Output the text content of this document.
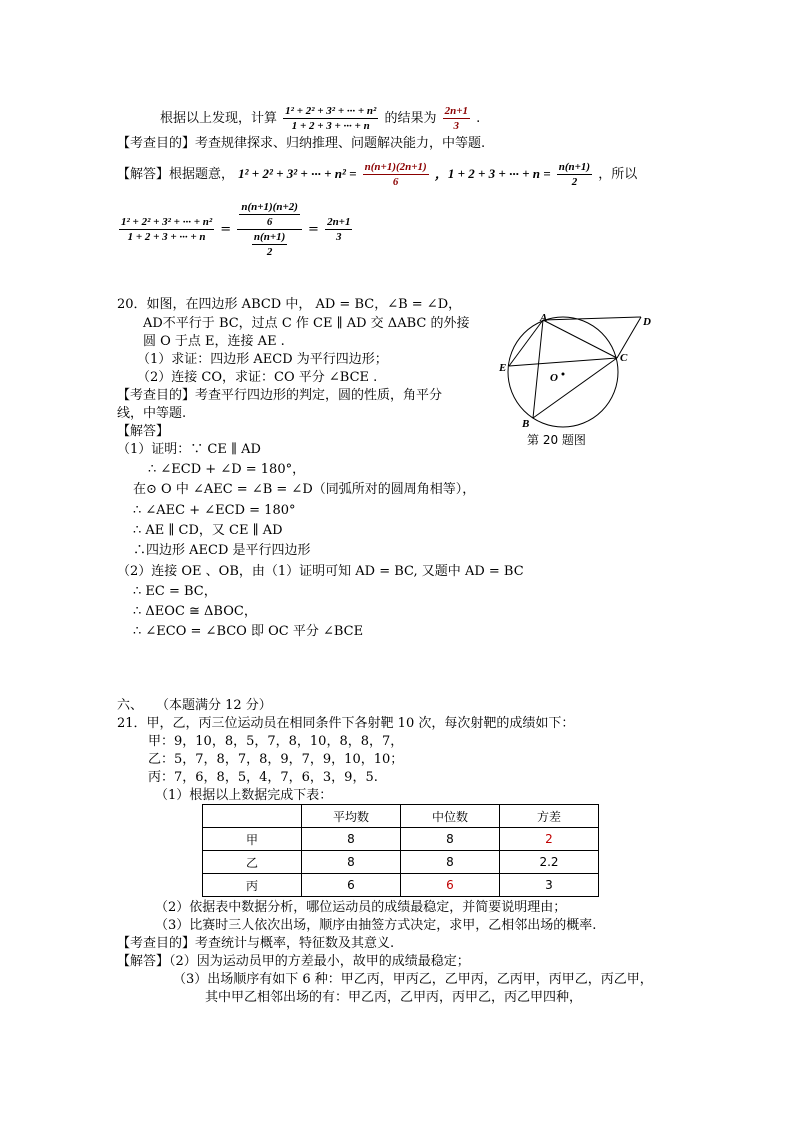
根据以上发现，计算 $\frac{\text{1² + 2² + 3² + ··· + n²}}{1 + 2 + 3 + \cdot\cdot\cdot + n}$ 的结果为 $\frac{2n+1}{3}$ .
【考查目的】考查规律探求、归纳推理、问题解决能力，中等题.
【解答】根据题意， 1² + 2² + 3² + ··· + $n^2 = \frac{n(n+1)(2n+1)}{6}$ ，1 + 2 + 3 + ··· + $n = \frac{n(n+1)}{2}$ ，所以
$\frac{\text{1² + 2² + 3² + ··· + n²}}{1 + 2 + 3 + \cdot\cdot\cdot + n} = \frac{\frac{n(n+1)(n+2)}{6}}{\frac{n(n+1)}{2}} = \frac{2n+1}{3}$
20．如图，在四边形 ABCD 中， AD = BC，∠B = ∠D，
AD不平行于 BC，过点 C 作 CE ∥ AD 交 ΔABC 的外接
圆 O 于点 E，连接 AE .
（1）求证：四边形 AECD 为平行四边形；
（2）连接 CO，求证：CO 平分 ∠BCE .
【考查目的】考查平行四边形的判定，圆的性质，角平分
线，中等题.
【解答】
（1）证明：∵ CE ∥ AD
∴ ∠ECD + ∠D = 180°，
在⊙ O 中 ∠AEC = ∠B = ∠D（同弧所对的圆周角相等），
∴ ∠AEC + ∠ECD = 180°
∴ AE ∥ CD，又 CE ∥ AD
∴四边形 AECD 是平行四边形
（2）连接 OE 、OB，由（1）证明可知 AD = BC, 又题中 AD = BC
∴ EC = BC，
∴ ΔEOC ≅ ΔBOC，
∴ ∠ECO = ∠BCO 即 OC 平分 ∠BCE
A	D
C
E
O
B
第 20 题图
六、　　（本题满分 12 分）
21．甲，乙，丙三位运动员在相同条件下各射靶 10 次，每次射靶的成绩如下：
甲：9，10，8，5，7，8，10，8，8，7，
乙：5，7，8，7，8，9，7，9，10，10；
丙：7，6，8，5，4，7，6，3，9，5.
（1）根据以上数据完成下表：
	平均数	中位数	方差
甲	8	8	2
乙	8	8	2.2
丙	6	6	3
（2）依据表中数据分析，哪位运动员的成绩最稳定，并简要说明理由；
（3）比赛时三人依次出场，顺序由抽签方式决定，求甲，乙相邻出场的概率.
【考查目的】考查统计与概率，特征数及其意义.
【解答】（2）因为运动员甲的方差最小，故甲的成绩最稳定；
（3）出场顺序有如下 6 种：甲乙丙，甲丙乙，乙甲丙，乙丙甲，丙甲乙，丙乙甲，
其中甲乙相邻出场的有：甲乙丙，乙甲丙，丙甲乙，丙乙甲四种，
